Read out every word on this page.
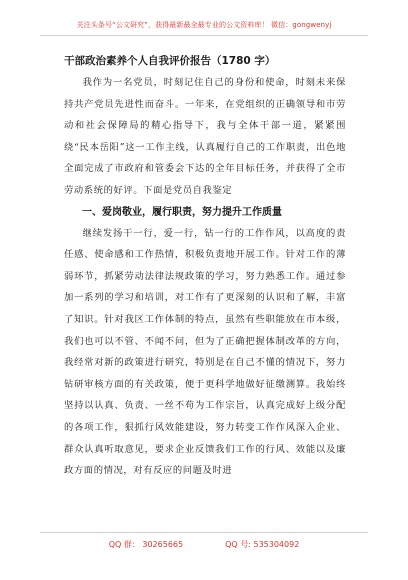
关注头条号“公文研究”，获得最新最全最专业的公文资料库！ 微信：gongwenyj
干部政治素养个人自我评价报告（1780 字）

我作为一名党员，时刻记住自己的身份和使命，时刻未来保持共产党员先进性而奋斗。一年来，在党组织的正确领导和市劳动和社会保障局的精心指导下，我与全体干部一道，紧紧围绕“民本岳阳”这一工作主线，认真履行自己的工作职责，出色地全面完成了市政府和管委会下达的全年目标任务，并获得了全市劳动系统的好评。下面是党员自我鉴定

一、爱岗敬业，履行职责，努力提升工作质量

继续发扬干一行，爱一行，钻一行的工作作风，以高度的责任感、使命感和工作热情，积极负责地开展工作。针对工作的薄弱环节，抓紧劳动法律法规政策的学习，努力熟悉工作。通过参加一系列的学习和培训，对工作有了更深刻的认识和了解，丰富了知识。针对我区工作体制的特点，虽然有些职能放在市本级，我们也可以不管、不闻不问，但为了正确把握体制改革的方向，我经常对新的政策进行研究，特别是在自己不懂的情况下，努力钻研审核方面的有关政策，便于更科学地做好征缴测算。我始终坚持以认真、负责、一丝不苟为工作宗旨，认真完成好上级分配的各项工作，狠抓行风效能建设，努力转变工作作风深入企业、群众认真听取意见，要求企业反馈我们工作的行风、效能以及廉政方面的情况，对有反应的问题及时进

QQ 群： 30265665	QQ 号: 535304092
